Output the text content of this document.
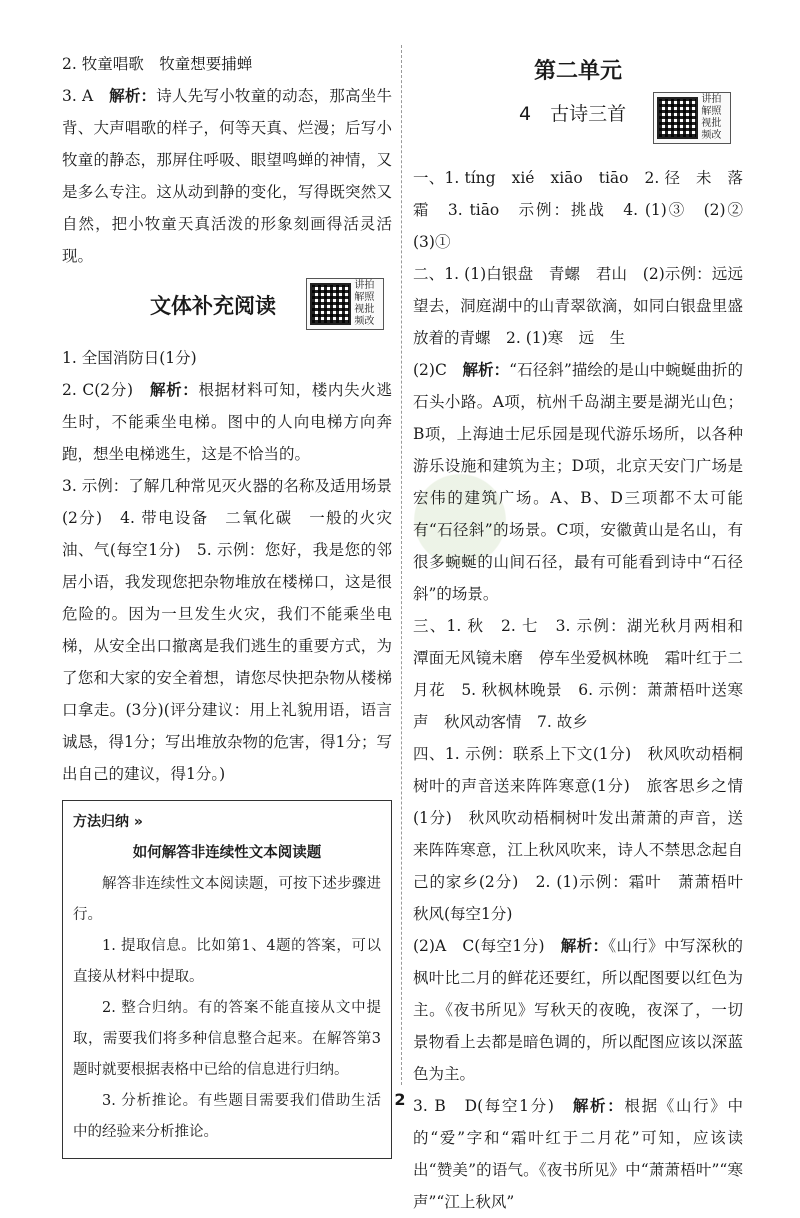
2. 牧童唱歌　牧童想要捕蝉

3. A　解析：诗人先写小牧童的动态，那高坐牛背、大声唱歌的样子，何等天真、烂漫；后写小牧童的静态，那屏住呼吸、眼望鸣蝉的神情，又是多么专注。这从动到静的变化，写得既突然又自然，把小牧童天真活泼的形象刻画得活灵活现。

文体补充阅读
讲拍解照视批频改

1. 全国消防日(1分)

2. C(2分)　解析：根据材料可知，楼内失火逃生时，不能乘坐电梯。图中的人向电梯方向奔跑，想坐电梯逃生，这是不恰当的。

3. 示例：了解几种常见灭火器的名称及适用场景(2分)　4. 带电设备　二氧化碳　一般的火灾　油、气(每空1分)　5. 示例：您好，我是您的邻居小语，我发现您把杂物堆放在楼梯口，这是很危险的。因为一旦发生火灾，我们不能乘坐电梯，从安全出口撤离是我们逃生的重要方式，为了您和大家的安全着想，请您尽快把杂物从楼梯口拿走。(3分)(评分建议：用上礼貌用语，语言诚恳，得1分；写出堆放杂物的危害，得1分；写出自己的建议，得1分。)

方法归纳 »
如何解答非连续性文本阅读题

解答非连续性文本阅读题，可按下述步骤进行。

1. 提取信息。比如第1、4题的答案，可以直接从材料中提取。

2. 整合归纳。有的答案不能直接从文中提取，需要我们将多种信息整合起来。在解答第3题时就要根据表格中已给的信息进行归纳。

3. 分析推论。有些题目需要我们借助生活中的经验来分析推论。

第二单元
4　古诗三首
讲拍解照视批频改

一、1. tíng　xié　xiāo　tiāo　2. 径　未　落　霜　3. tiāo　示例：挑战　4. (1)③　(2)②　(3)①

二、1. (1)白银盘　青螺　君山　(2)示例：远远望去，洞庭湖中的山青翠欲滴，如同白银盘里盛放着的青螺　2. (1)寒　远　生

(2)C　解析：“石径斜”描绘的是山中蜿蜒曲折的石头小路。A项，杭州千岛湖主要是湖光山色；B项，上海迪士尼乐园是现代游乐场所，以各种游乐设施和建筑为主；D项，北京天安门广场是宏伟的建筑广场。A、B、D三项都不太可能有“石径斜”的场景。C项，安徽黄山是名山，有很多蜿蜒的山间石径，最有可能看到诗中“石径斜”的场景。

三、1. 秋　2. 七　3. 示例：湖光秋月两相和　潭面无风镜未磨　停车坐爱枫林晚　霜叶红于二月花　5. 秋枫林晚景　6. 示例：萧萧梧叶送寒声　秋风动客情　7. 故乡

四、1. 示例：联系上下文(1分)　秋风吹动梧桐树叶的声音送来阵阵寒意(1分)　旅客思乡之情(1分)　秋风吹动梧桐树叶发出萧萧的声音，送来阵阵寒意，江上秋风吹来，诗人不禁思念起自己的家乡(2分)　2. (1)示例：霜叶　萧萧梧叶　秋风(每空1分)

(2)A　C(每空1分)　解析：《山行》中写深秋的枫叶比二月的鲜花还要红，所以配图要以红色为主。《夜书所见》写秋天的夜晚，夜深了，一切景物看上去都是暗色调的，所以配图应该以深蓝色为主。

3. B　D(每空1分)　解析：根据《山行》中的“爱”字和“霜叶红于二月花”可知，应该读出“赞美”的语气。《夜书所见》中“萧萧梧叶”“寒声”“江上秋风”

2
